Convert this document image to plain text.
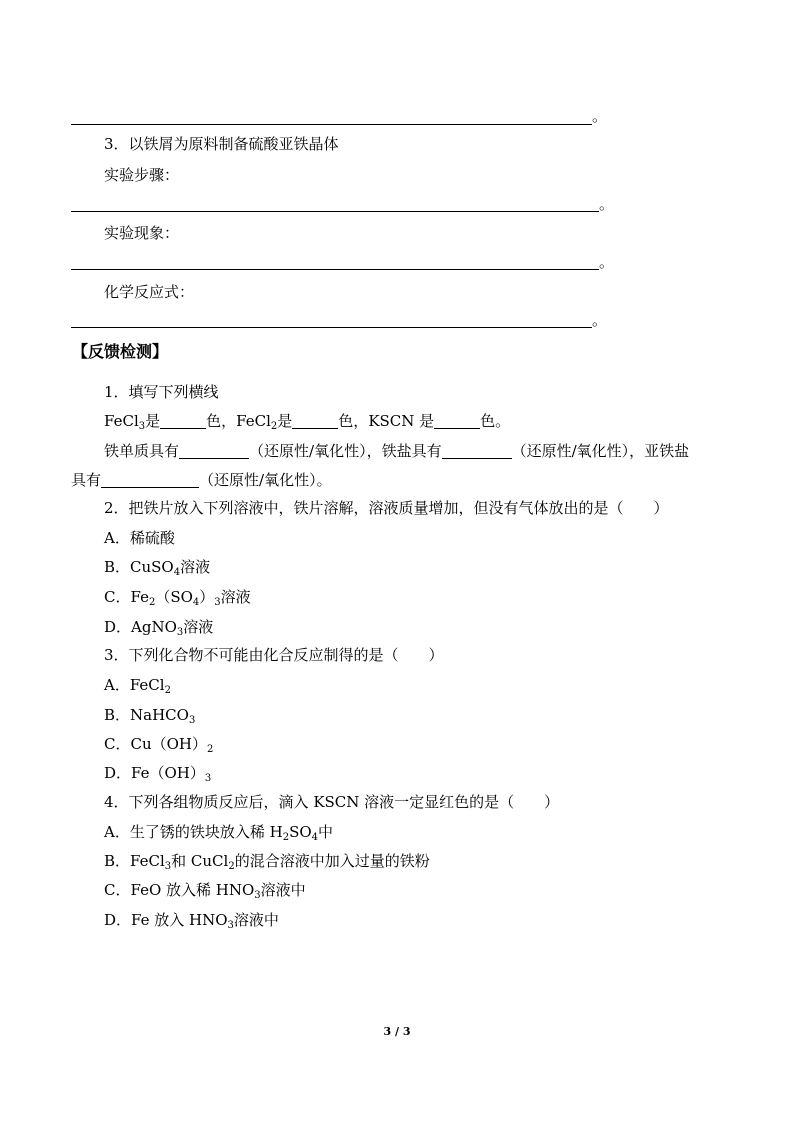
。
3．以铁屑为原料制备硫酸亚铁晶体
实验步骤：
。
实验现象：
。
化学反应式：
。
【反馈检测】
1．填写下列横线
FeCl$_3$是	色，FeCl$_2$是	色，KSCN 是	色。
铁单质具有	（还原性/氧化性），铁盐具有	（还原性/氧化性），亚铁盐
具有	（还原性/氧化性）。
2．把铁片放入下列溶液中，铁片溶解，溶液质量增加，但没有气体放出的是（　　）
A．稀硫酸
B．CuSO$_4$溶液
C．$Fe_2(SO_4)_3$溶液
D．AgNO$_3$溶液
3．下列化合物不可能由化合反应制得的是（　　）
A．FeCl$_2$
B．NaHCO$_3$
C．$Cu(OH)_2$
D．$Fe(OH)_3$
4．下列各组物质反应后，滴入 KSCN 溶液一定显红色的是（　　）
A．生了锈的铁块放入稀 $H_2SO_4$中
B．FeCl$_3$和 CuCl$_2$的混合溶液中加入过量的铁粉
C．FeO 放入稀 $HNO_3$溶液中
D．Fe 放入 $HNO_3$溶液中
3 / 3
